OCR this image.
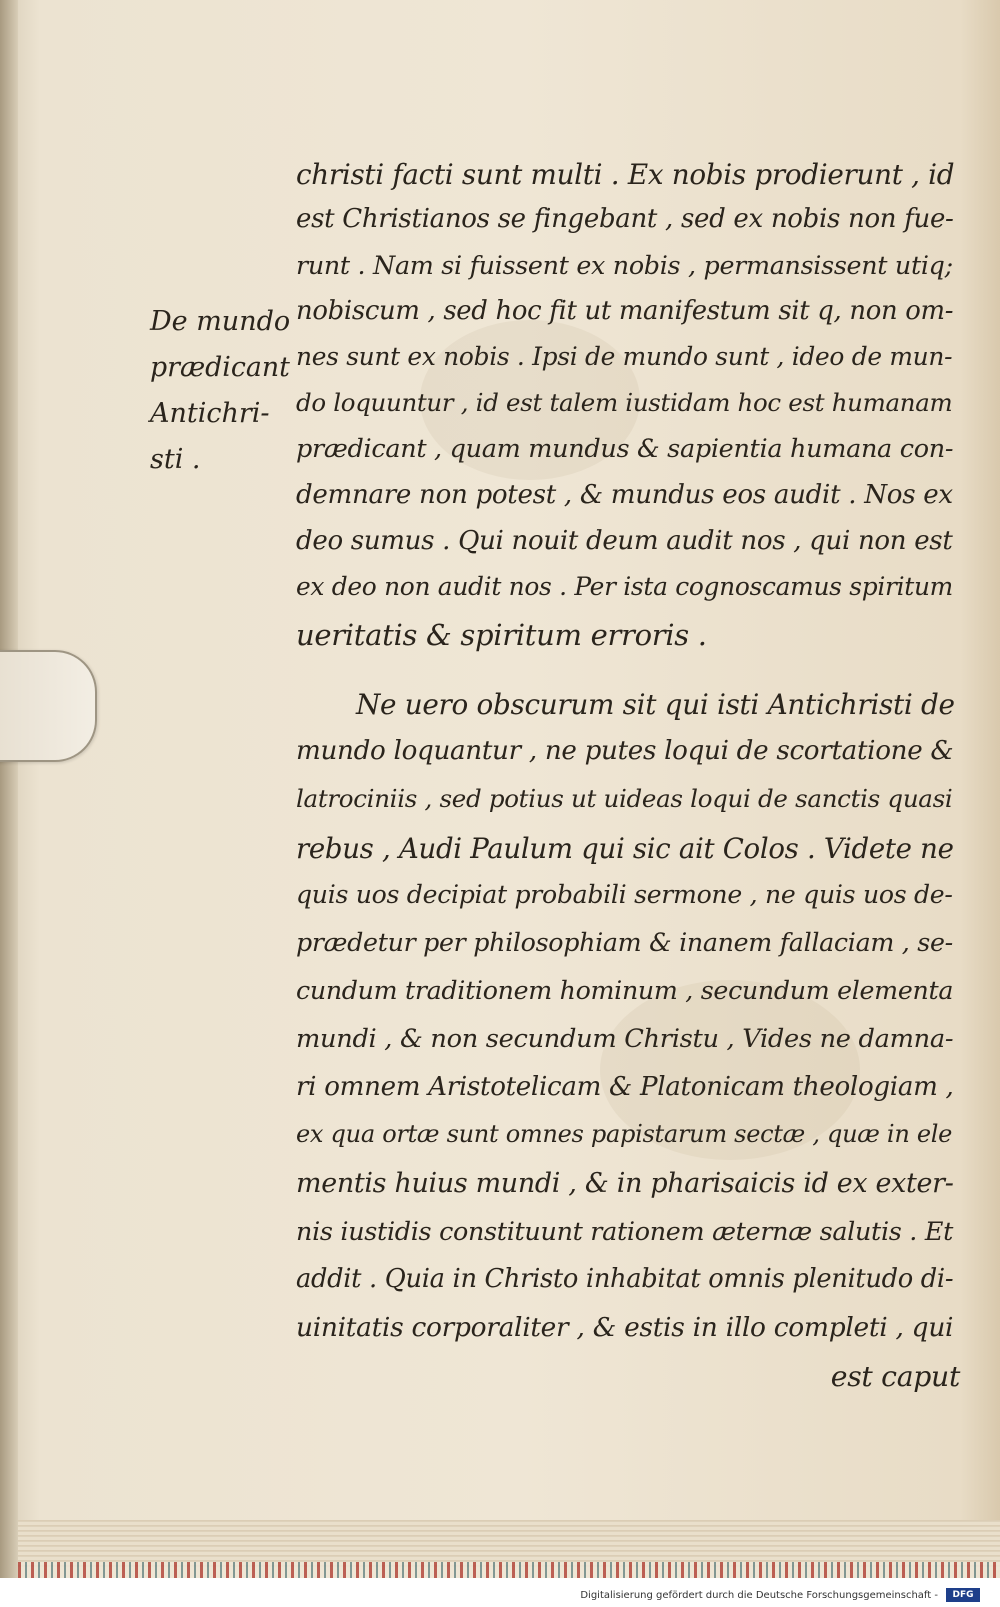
christi facti sunt multi . Ex nobis prodierunt , id
est Christianos se fingebant , sed ex nobis non fue-
runt . Nam si fuissent ex nobis , permansissent utiq;
nobiscum , sed hoc fit ut manifestum sit q, non om-
nes sunt ex nobis . Ipsi de mundo sunt , ideo de mun-
do loquuntur , id est talem iustidam hoc est humanam
prædicant , quam mundus & sapientia humana con-
demnare non potest , & mundus eos audit . Nos ex
deo sumus . Qui nouit deum audit nos , qui non est
ex deo non audit nos . Per ista cognoscamus spiritum
ueritatis & spiritum erroris .
De mundo
prædicant
Antichri-
sti .
Ne uero obscurum sit qui isti Antichristi de
mundo loquantur , ne putes loqui de scortatione &
latrociniis , sed potius ut uideas loqui de sanctis quasi
rebus , Audi Paulum qui sic ait Colos . Videte ne
quis uos decipiat probabili sermone , ne quis uos de-
prædetur per philosophiam & inanem fallaciam , se-
cundum traditionem hominum , secundum elementa
mundi , & non secundum Christu , Vides ne damna-
ri omnem Aristotelicam & Platonicam theologiam ,
ex qua ortæ sunt omnes papistarum sectæ , quæ in ele
mentis huius mundi , & in pharisaicis id ex exter-
nis iustidis constituunt rationem æternæ salutis . Et
addit . Quia in Christo inhabitat omnis plenitudo di-
uinitatis corporaliter , & estis in illo completi , qui
est caput
Digitalisierung gefördert durch die Deutsche Forschungsgemeinschaft -	DFG
